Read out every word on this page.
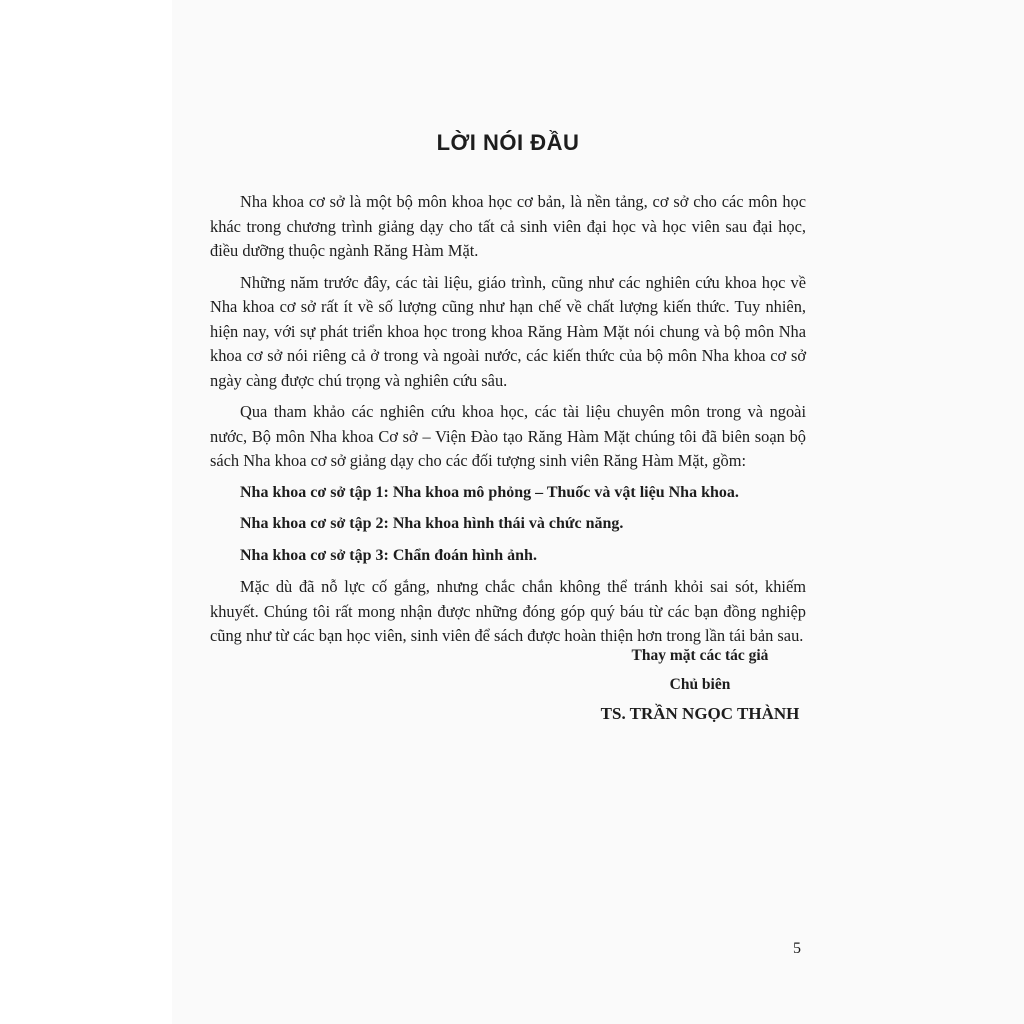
LỜI NÓI ĐẦU

Nha khoa cơ sở là một bộ môn khoa học cơ bản, là nền tảng, cơ sở cho các môn học khác trong chương trình giảng dạy cho tất cả sinh viên đại học và học viên sau đại học, điều dưỡng thuộc ngành Răng Hàm Mặt.

Những năm trước đây, các tài liệu, giáo trình, cũng như các nghiên cứu khoa học về Nha khoa cơ sở rất ít về số lượng cũng như hạn chế về chất lượng kiến thức. Tuy nhiên, hiện nay, với sự phát triển khoa học trong khoa Răng Hàm Mặt nói chung và bộ môn Nha khoa cơ sở nói riêng cả ở trong và ngoài nước, các kiến thức của bộ môn Nha khoa cơ sở ngày càng được chú trọng và nghiên cứu sâu.

Qua tham khảo các nghiên cứu khoa học, các tài liệu chuyên môn trong và ngoài nước, Bộ môn Nha khoa Cơ sở – Viện Đào tạo Răng Hàm Mặt chúng tôi đã biên soạn bộ sách Nha khoa cơ sở giảng dạy cho các đối tượng sinh viên Răng Hàm Mặt, gồm:

Nha khoa cơ sở tập 1: Nha khoa mô phỏng – Thuốc và vật liệu Nha khoa.

Nha khoa cơ sở tập 2: Nha khoa hình thái và chức năng.

Nha khoa cơ sở tập 3: Chẩn đoán hình ảnh.

Mặc dù đã nỗ lực cố gắng, nhưng chắc chắn không thể tránh khỏi sai sót, khiếm khuyết. Chúng tôi rất mong nhận được những đóng góp quý báu từ các bạn đồng nghiệp cũng như từ các bạn học viên, sinh viên để sách được hoàn thiện hơn trong lần tái bản sau.

Thay mặt các tác giả

Chủ biên

TS. TRẦN NGỌC THÀNH

5
